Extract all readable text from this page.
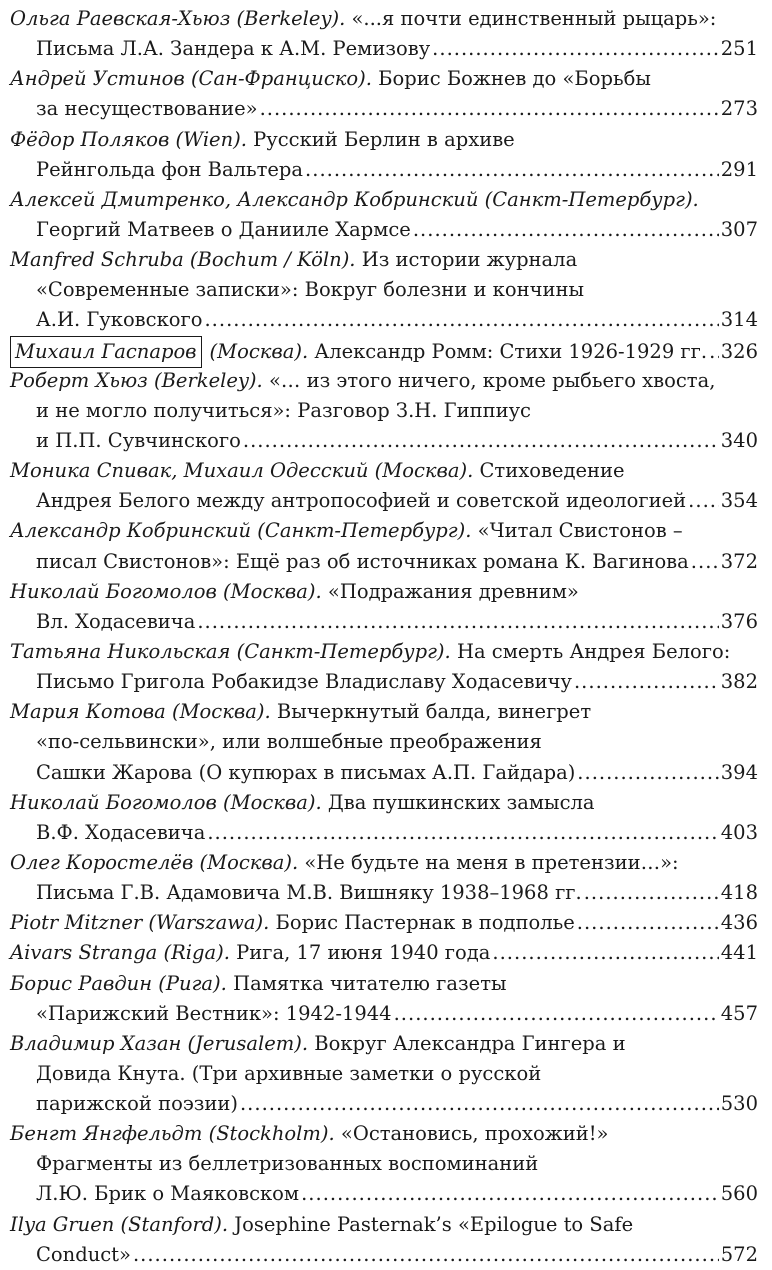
Ольга Раевская-Хьюз (Berkeley).
«...я почти единственный рыцарь»:
Письма Л.А. Зандера к А.М. Ремизову .....	251
Андрей Устинов (Сан-Франциско).
Борис Божнев до «Борьбы
за несуществование» .....	273
Фёдор Поляков (Wien).
Русский Берлин в архиве
Рейнгольда фон Вальтера .....	291
Алексей Дмитренко, Александр Кобринский (Санкт-Петербург).

Георгий Матвеев о Данииле Хармсе .....	307
Manfred Schruba (Bochum / Köln).
Из истории журнала
«Современные записки»: Вокруг болезни и кончины
А.И. Гуковского .....	314
Михаил Гаспаров (Москва).
Александр Ромм: Стихи 1926-1929 гг. ..... 326
Роберт Хьюз (Berkeley).
«… из этого ничего, кроме рыбьего хвоста,
и не могло получиться»: Разговор З.Н. Гиппиус
и П.П. Сувчинского .....	340
Моника Спивак, Михаил Одесский (Москва).
Стиховедение
Андрея Белого между антропософией и советской идеологией ..... 354
Александр Кобринский (Санкт-Петербург).
«Читал Свистонов –
писал Свистонов»: Ещё раз об источниках романа К. Вагинова ..... 372
Николай Богомолов (Москва).
«Подражания древним»
Вл. Ходасевича .....	376
Татьяна Никольская (Санкт-Петербург).
На смерть Андрея Белого:
Письмо Григола Робакидзе Владиславу Ходасевичу .....	382
Мария Котова (Москва).
Вычеркнутый балда, винегрет
«по-сельвински», или волшебные преображения
Сашки Жарова (О купюрах в письмах А.П. Гайдара) .....	394
Николай Богомолов (Москва).
Два пушкинских замысла
В.Ф. Ходасевича .....	403
Олег Коростелёв (Москва).
«Не будьте на меня в претензии…»:
Письма Г.В. Адамовича М.В. Вишняку 1938–1968 гг. .....	418
Piotr Mitzner (Warszawa).
Борис Пастернак в подполье .....	436
Aivars Stranga (Riga).
Рига, 17 июня 1940 года .....	441
Борис Равдин (Рига).
Памятка читателю газеты
«Парижский Вестник»: 1942-1944 .....	457
Владимир Хазан (Jerusalem).
Вокруг Александра Гингера и
Довида Кнута. (Три архивные заметки о русской
парижской поэзии) .....	530
Бенгт Янгфельдт (Stockholm).
«Остановись, прохожий!»
Фрагменты из беллетризованных воспоминаний
Л.Ю. Брик о Маяковском .....	560
Ilya Gruen (Stanford).
Josephine Pasternak’s «Epilogue to Safe
Conduct» .....	572
